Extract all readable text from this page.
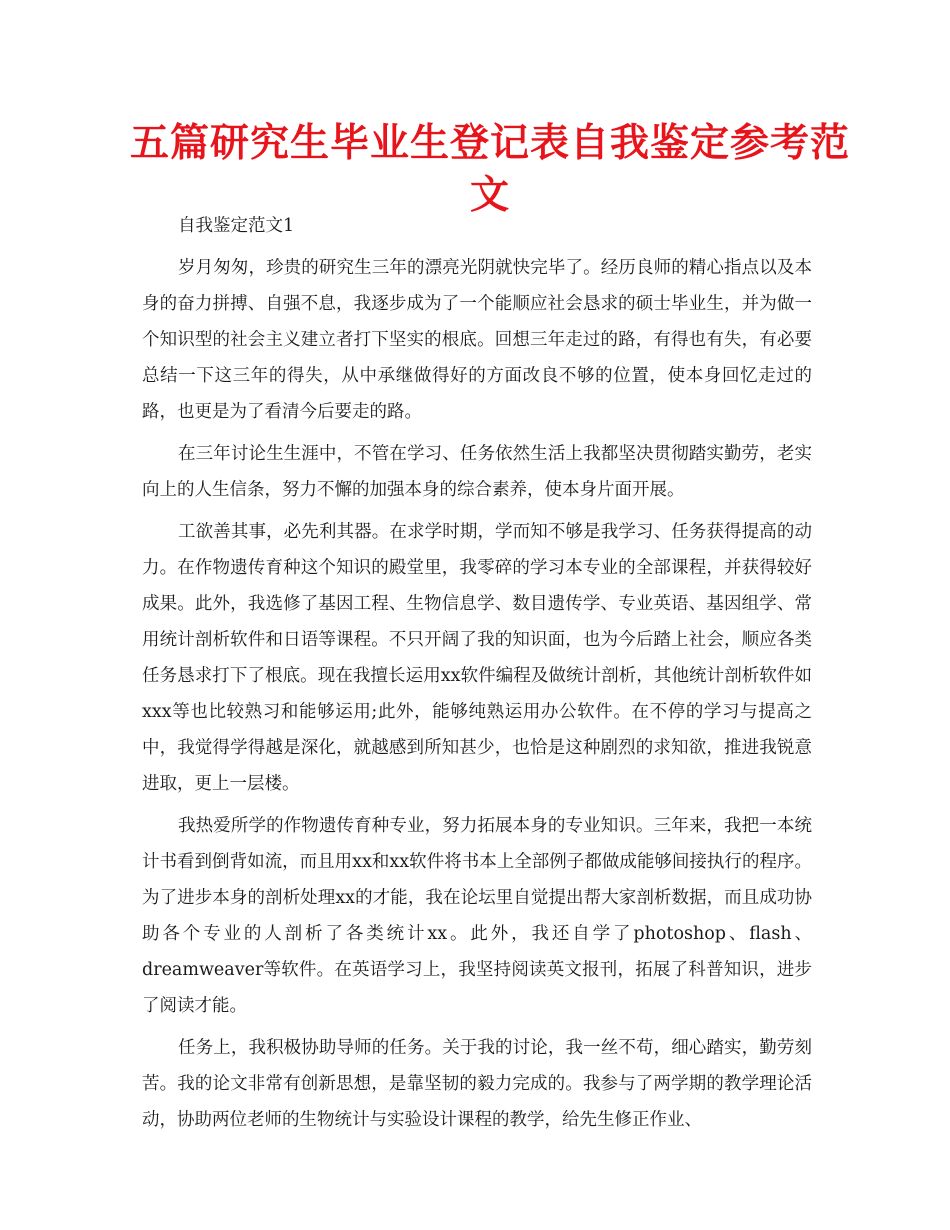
五篇研究生毕业生登记表自我鉴定参考范文

自我鉴定范文1

岁月匆匆，珍贵的研究生三年的漂亮光阴就快完毕了。经历良师的精心指点以及本身的奋力拼搏、自强不息，我逐步成为了一个能顺应社会恳求的硕士毕业生，并为做一个知识型的社会主义建立者打下坚实的根底。回想三年走过的路，有得也有失，有必要总结一下这三年的得失，从中承继做得好的方面改良不够的位置，使本身回忆走过的路，也更是为了看清今后要走的路。

在三年讨论生生涯中，不管在学习、任务依然生活上我都坚决贯彻踏实勤劳，老实向上的人生信条，努力不懈的加强本身的综合素养，使本身片面开展。

工欲善其事，必先利其器。在求学时期，学而知不够是我学习、任务获得提高的动力。在作物遗传育种这个知识的殿堂里，我零碎的学习本专业的全部课程，并获得较好成果。此外，我选修了基因工程、生物信息学、数目遗传学、专业英语、基因组学、常用统计剖析软件和日语等课程。不只开阔了我的知识面，也为今后踏上社会，顺应各类任务恳求打下了根底。现在我擅长运用xx软件编程及做统计剖析，其他统计剖析软件如xxx等也比较熟习和能够运用;此外，能够纯熟运用办公软件。在不停的学习与提高之中，我觉得学得越是深化，就越感到所知甚少，也恰是这种剧烈的求知欲，推进我锐意进取，更上一层楼。

我热爱所学的作物遗传育种专业，努力拓展本身的专业知识。三年来，我把一本统计书看到倒背如流，而且用xx和xx软件将书本上全部例子都做成能够间接执行的程序。为了进步本身的剖析处理xx的才能，我在论坛里自觉提出帮大家剖析数据，而且成功协助各个专业的人剖析了各类统计xx。此外，我还自学了photoshop、flash、dreamweaver等软件。在英语学习上，我坚持阅读英文报刊，拓展了科普知识，进步了阅读才能。

任务上，我积极协助导师的任务。关于我的讨论，我一丝不苟，细心踏实，勤劳刻苦。我的论文非常有创新思想，是靠坚韧的毅力完成的。我参与了两学期的教学理论活动，协助两位老师的生物统计与实验设计课程的教学，给先生修正作业、
